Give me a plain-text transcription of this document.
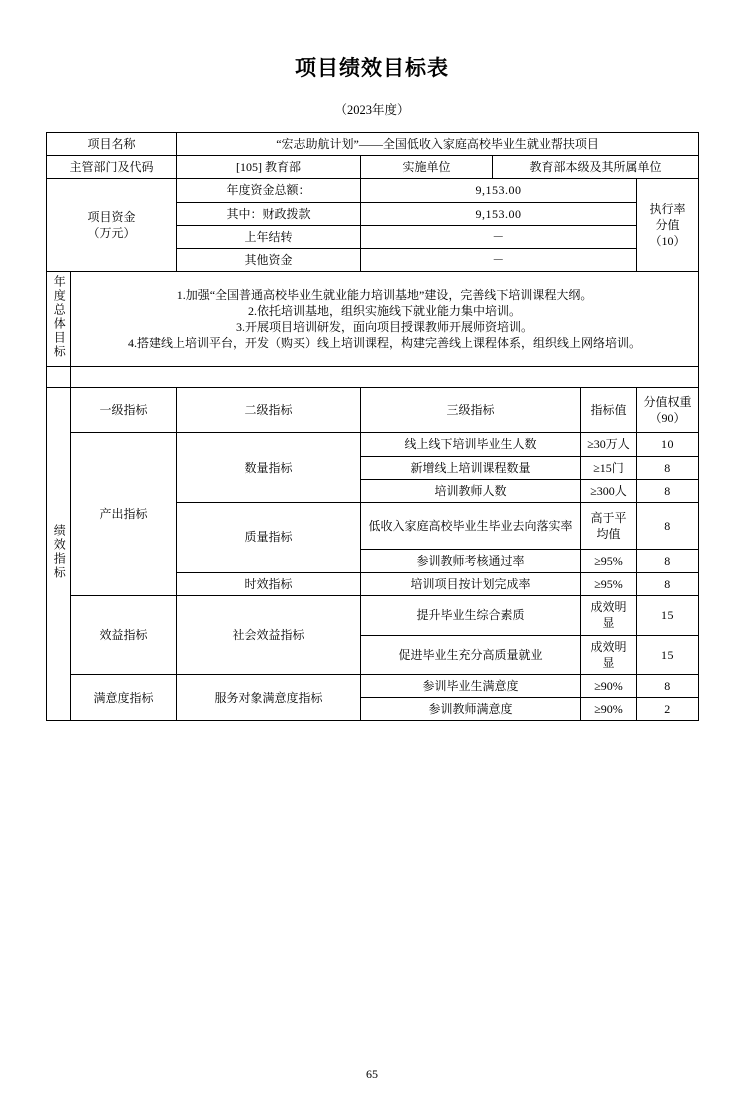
项目绩效目标表
（2023年度）
项目名称		“宏志助航计划”——全国低收入家庭高校毕业生就业帮扶项目				
主管部门及代码		[105] 教育部	实施单位	教育部本级及其所属单位		
项目资金
（万元）		年度资金总额：	9,153.00			执行率
分值
（10）
		其中：财政拨款	9,153.00			
		上年结转	－			
		其他资金	－			
年度总体目标	1.加强“全国普通高校毕业生就业能力培训基地”建设，完善线下培训课程大纲。
2.依托培训基地，组织实施线下就业能力集中培训。
3.开展项目培训研发，面向项目授课教师开展师资培训。
4.搭建线上培训平台，开发（购买）线上培训课程，构建完善线上课程体系，组织线上网络培训。					

绩效指标	一级指标	二级指标	三级指标		指标值	分值权重
（90）

	产出指标	数量指标	线上线下培训毕业生人数		≥30万人	10
			新增线上培训课程数量		≥15门	8
			培训教师人数		≥300人	8
		质量指标	低收入家庭高校毕业生毕业去向落实率		高于平均值	8
			参训教师考核通过率		≥95%	8
		时效指标	培训项目按计划完成率		≥95%	8
	效益指标	社会效益指标	提升毕业生综合素质		成效明显	15
			促进毕业生充分高质量就业		成效明显	15
	满意度指标	服务对象满意度指标	参训毕业生满意度		≥90%	8
			参训教师满意度		≥90%	2
65
